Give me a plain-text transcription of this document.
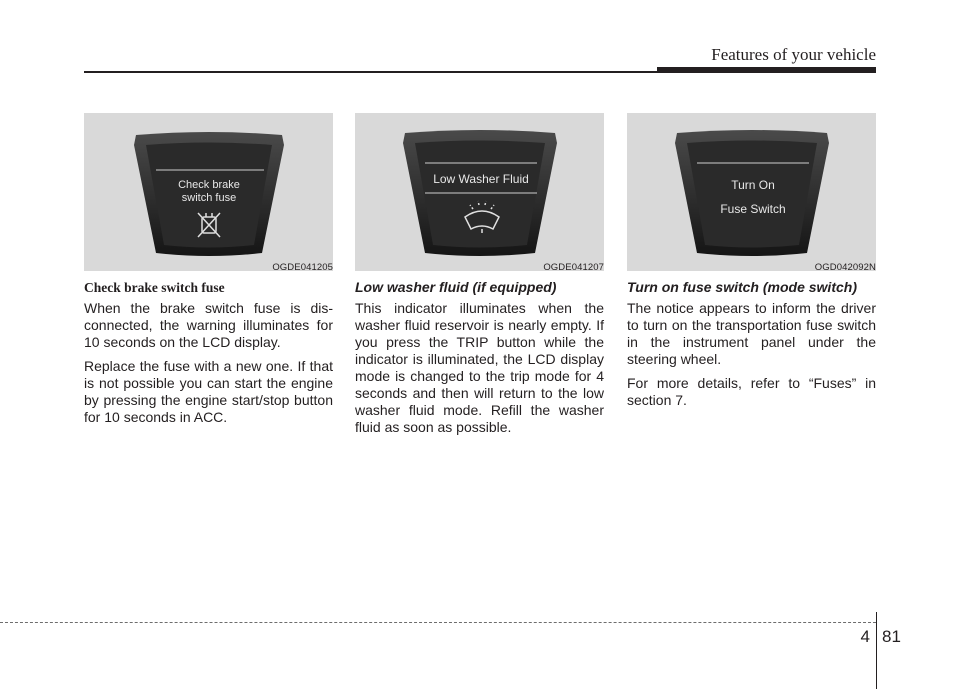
Features of your vehicle
Check brake
switch fuse
OGDE041205
Check brake switch fuse

When the brake switch fuse is dis-connected, the warning illuminates for 10 seconds on the LCD display.

Replace the fuse with a new one. If that is not possible you can start the engine by pressing the engine start/stop button for 10 seconds in ACC.

Low Washer Fluid
OGDE041207
Low washer fluid (if equipped)

This indicator illuminates when the washer fluid reservoir is nearly empty. If you press the TRIP button while the indicator is illuminated, the LCD display mode is changed to the trip mode for 4 seconds and then will return to the low washer fluid mode. Refill the washer fluid as soon as possible.

Turn On
Fuse Switch
OGD042092N
Turn on fuse switch (mode switch)

The notice appears to inform the driver to turn on the transportation fuse switch in the instrument panel under the steering wheel.

For more details, refer to “Fuses” in section 7.

4 81
